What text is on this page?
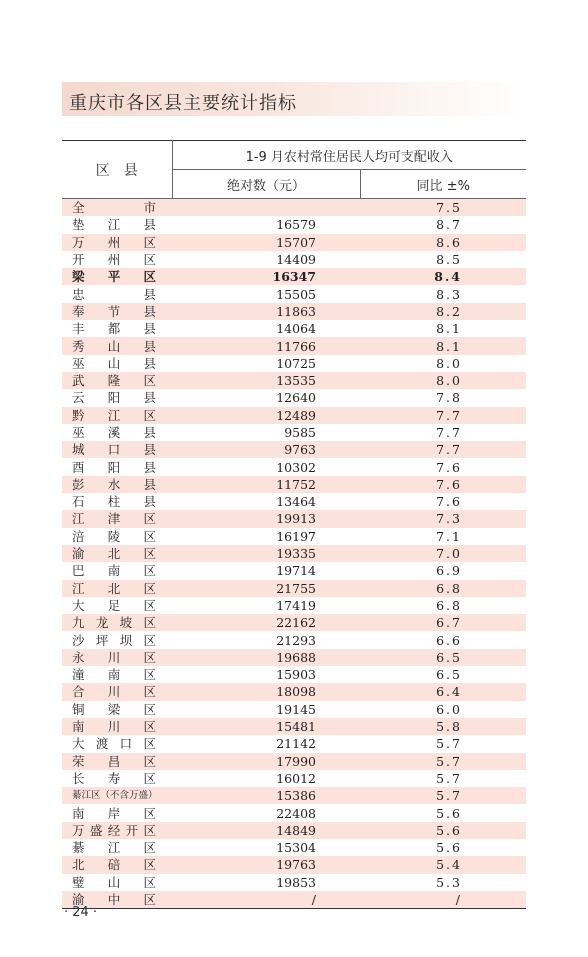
重庆市各区县主要统计指标
区县	1-9 月农村常住居民人均可支配收入	
	绝对数（元）	同比 ±%

全 市		7.5

垫 江 县	16579	8.7

万 州 区	15707	8.6

开 州 区	14409	8.5

梁 平 区	16347	8.4

忠 县	15505	8.3

奉 节 县	11863	8.2

丰 都 县	14064	8.1

秀 山 县	11766	8.1

巫 山 县	10725	8.0

武 隆 区	13535	8.0

云 阳 县	12640	7.8

黔 江 区	12489	7.7

巫 溪 县	9585	7.7

城 口 县	9763	7.7

酉 阳 县	10302	7.6

彭 水 县	11752	7.6

石 柱 县	13464	7.6

江 津 区	19913	7.3

涪 陵 区	16197	7.1

渝 北 区	19335	7.0

巴 南 区	19714	6.9

江 北 区	21755	6.8

大 足 区	17419	6.8

九 龙 坡 区	22162	6.7

沙 坪 坝 区	21293	6.6

永 川 区	19688	6.5

潼 南 区	15903	6.5

合 川 区	18098	6.4

铜 梁 区	19145	6.0

南 川 区	15481	5.8

大 渡 口 区	21142	5.7

荣 昌 区	17990	5.7

长 寿 区	16012	5.7

綦江区（不含万盛）	15386	5.7

南 岸 区	22408	5.6

万 盛 经 开 区	14849	5.6

綦 江 区	15304	5.6

北 碚 区	19763	5.4

璧 山 区	19853	5.3

渝 中 区	/	/
· 24 ·
